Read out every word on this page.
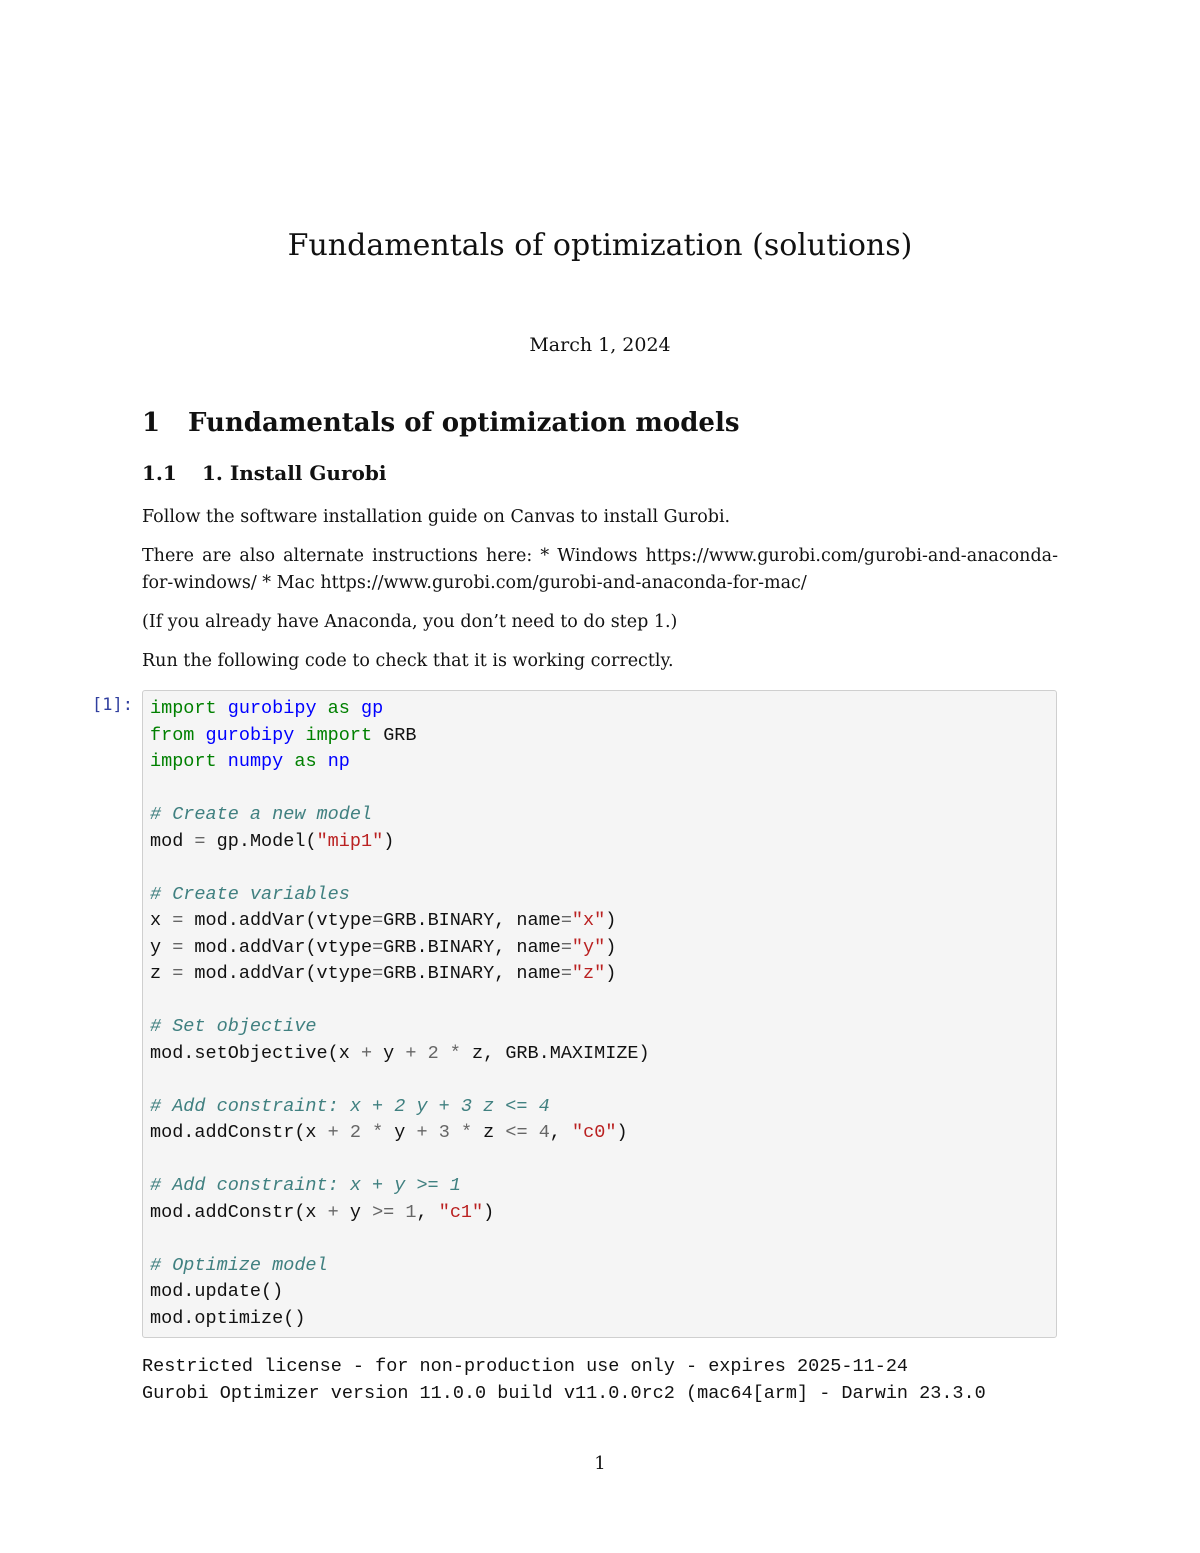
Fundamentals of optimization (solutions)
March 1, 2024
1 Fundamentals of optimization models
1.1 1. Install Gurobi

Follow the software installation guide on Canvas to install Gurobi.

There are also alternate instructions here: * Windows https://www.gurobi.com/gurobi-and-anaconda-for-windows/ * Mac https://www.gurobi.com/gurobi-and-anaconda-for-mac/

(If you already have Anaconda, you don’t need to do step 1.)

Run the following code to check that it is working correctly.

[1]: import gurobipy as gp
from gurobipy import GRB
import numpy as np

# Create a new model
mod = gp.Model("mip1")

# Create variables
x = mod.addVar(vtype=GRB.BINARY, name="x")
y = mod.addVar(vtype=GRB.BINARY, name="y")
z = mod.addVar(vtype=GRB.BINARY, name="z")

# Set objective
mod.setObjective(x + y + 2 * z, GRB.MAXIMIZE)

# Add constraint: x + 2 y + 3 z <= 4
mod.addConstr(x + 2 * y + 3 * z <= 4, "c0")

# Add constraint: x + y >= 1
mod.addConstr(x + y >= 1, "c1")

# Optimize model
mod.update()
mod.optimize()
Restricted license - for non-production use only - expires 2025-11-24
Gurobi Optimizer version 11.0.0 build v11.0.0rc2 (mac64[arm] - Darwin 23.3.0
1
